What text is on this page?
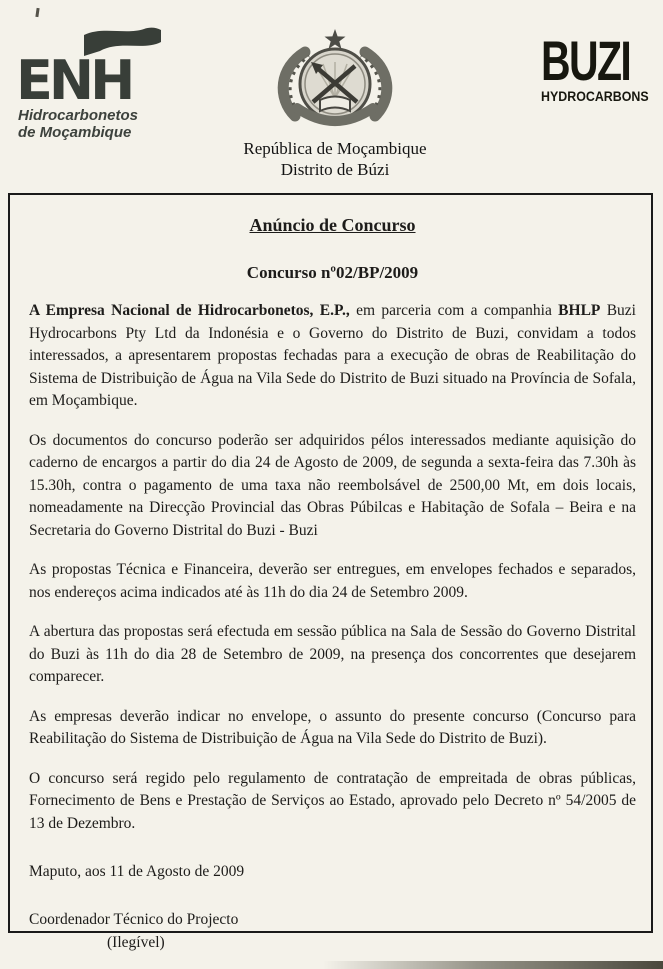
ENH
Hidrocarbonetos
de Moçambique
República de Moçambique
Distrito de Búzi
BUZI
HYDROCARBONS
Anúncio de Concurso
Concurso nº02/BP/2009

A Empresa Nacional de Hidrocarbonetos, E.P., em parceria com a companhia BHLP Buzi Hydrocarbons Pty Ltd da Indonésia e o Governo do Distrito de Buzi, convidam a todos interessados, a apresentarem propostas fechadas para a execução de obras de Reabilitação do Sistema de Distribuição de Água na Vila Sede do Distrito de Buzi situado na Província de Sofala, em Moçambique.

Os documentos do concurso poderão ser adquiridos pélos interessados mediante aquisição do caderno de encargos a partir do dia 24 de Agosto de 2009, de segunda a sexta-feira das 7.30h às 15.30h, contra o pagamento de uma taxa não reembolsável de 2500,00 Mt, em dois locais, nomeadamente na Direcção Provincial das Obras Púbilcas e Habitação de Sofala – Beira e na Secretaria do Governo Distrital do Buzi - Buzi

As propostas Técnica e Financeira, deverão ser entregues, em envelopes fechados e separados, nos endereços acima indicados até às 11h do dia 24 de Setembro 2009.

A abertura das propostas será efectuda em sessão pública na Sala de Sessão do Governo Distrital do Buzi às 11h do dia 28 de Setembro de 2009, na presença dos concorrentes que desejarem comparecer.

As empresas deverão indicar no envelope, o assunto do presente concurso (Concurso para Reabilitação do Sistema de Distribuição de Água na Vila Sede do Distrito de Buzi).

O concurso será regido pelo regulamento de contratação de empreitada de obras públicas, Fornecimento de Bens e Prestação de Serviços ao Estado, aprovado pelo Decreto nº 54/2005 de 13 de Dezembro.

Maputo, aos 11 de Agosto de 2009
Coordenador Técnico do Projecto
(Ilegível)
